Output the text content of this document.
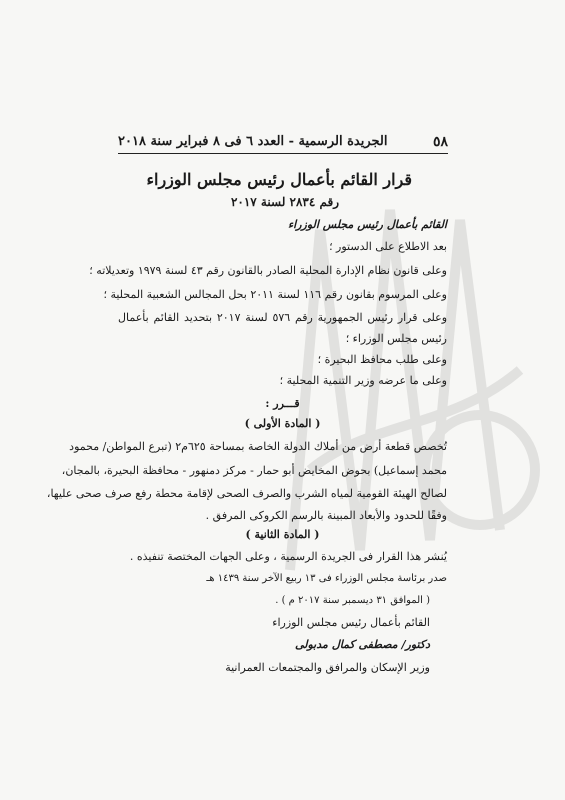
٥٨
الجريدة الرسمية - العدد ٦ فى ٨ فبراير سنة ٢٠١٨
قرار القائم بأعمال رئيس مجلس الوزراء
رقم ٢٨٣٤ لسنة ٢٠١٧
القائم بأعمال رئيس مجلس الوزراء
بعد الاطلاع على الدستور ؛
وعلى قانون نظام الإدارة المحلية الصادر بالقانون رقم ٤٣ لسنة ١٩٧٩ وتعديلاته ؛
وعلى المرسوم بقانون رقم ١١٦ لسنة ٢٠١١ بحل المجالس الشعبية المحلية ؛
وعلى قرار رئيس الجمهورية رقم ٥٧٦ لسنة ٢٠١٧ بتحديد القائم بأعمال
رئيس مجلس الوزراء ؛
وعلى طلب محافظ البحيرة ؛
وعلى ما عرضه وزير التنمية المحلية ؛
قـــرر :
( المادة الأولى )
تُخصص قطعة أرض من أملاك الدولة الخاصة بمساحة ٦٢٥م٢ (تبرع المواطن/ محمود
محمد إسماعيل) بحوض المخايض أبو حمار - مركز دمنهور - محافظة البحيرة، بالمجان،
لصالح الهيئة القومية لمياه الشرب والصرف الصحى لإقامة محطة رفع صرف صحى عليها،
وفقًا للحدود والأبعاد المبينة بالرسم الكروكى المرفق .
( المادة الثانية )
يُنشر هذا القرار فى الجريدة الرسمية ، وعلى الجهات المختصة تنفيذه .
صدر برئاسة مجلس الوزراء فى ١٣ ربيع الآخر سنة ١٤٣٩ هـ
( الموافق ٣١ ديسمبر سنة ٢٠١٧ م ) .
القائم بأعمال رئيس مجلس الوزراء
دكتور/ مصطفى كمال مدبولى
وزير الإسكان والمرافق والمجتمعات العمرانية
